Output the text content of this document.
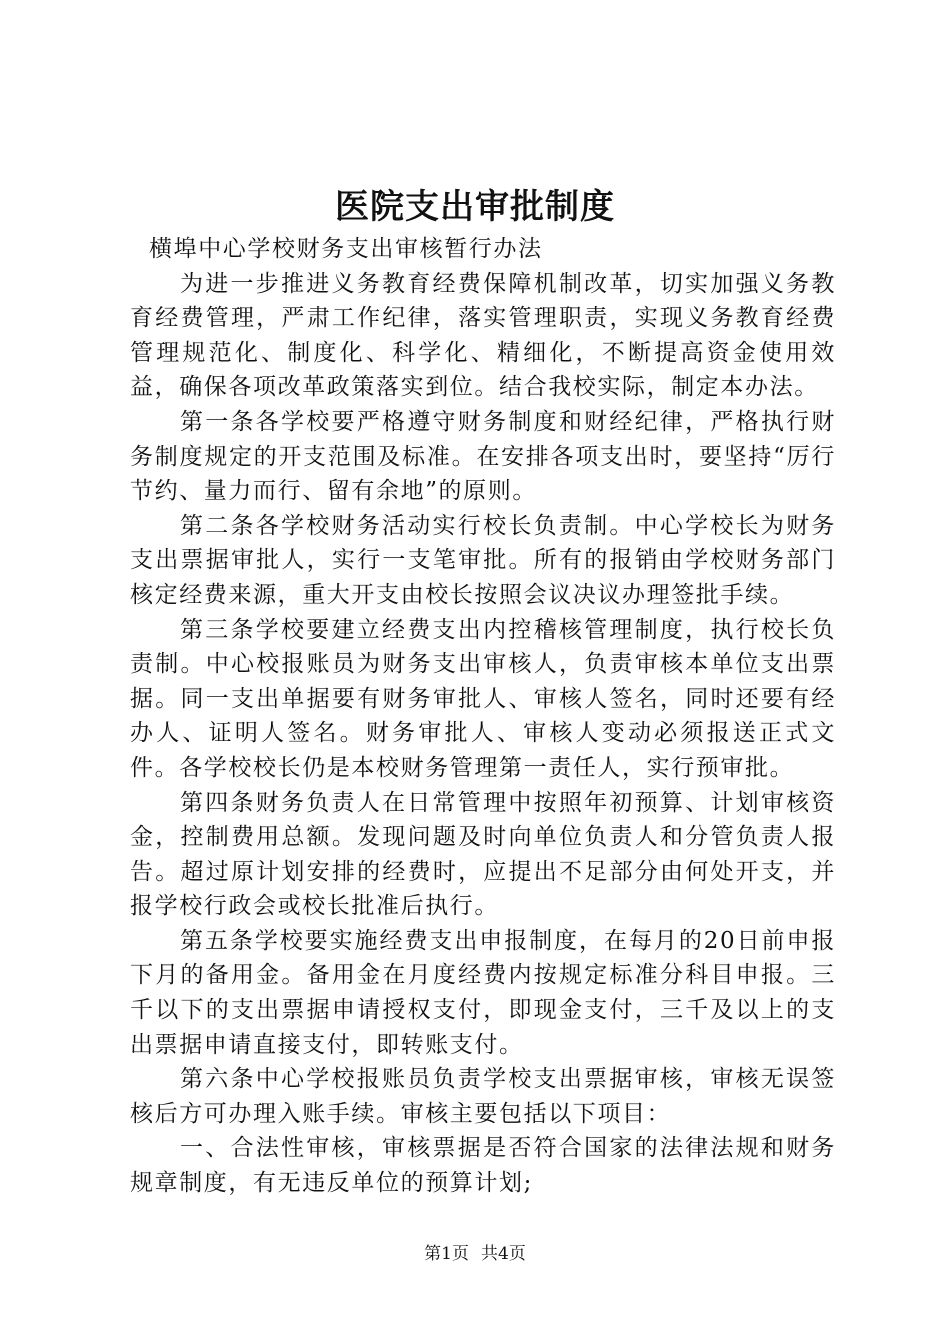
医院支出审批制度

横埠中心学校财务支出审核暂行办法

为进一步推进义务教育经费保障机制改革，切实加强义务教育经费管理，严肃工作纪律，落实管理职责，实现义务教育经费管理规范化、制度化、科学化、精细化，不断提高资金使用效益，确保各项改革政策落实到位。结合我校实际，制定本办法。

第一条各学校要严格遵守财务制度和财经纪律，严格执行财务制度规定的开支范围及标准。在安排各项支出时，要坚持“厉行节约、量力而行、留有余地”的原则。

第二条各学校财务活动实行校长负责制。中心学校长为财务支出票据审批人，实行一支笔审批。所有的报销由学校财务部门核定经费来源，重大开支由校长按照会议决议办理签批手续。

第三条学校要建立经费支出内控稽核管理制度，执行校长负责制。中心校报账员为财务支出审核人，负责审核本单位支出票据。同一支出单据要有财务审批人、审核人签名，同时还要有经办人、证明人签名。财务审批人、审核人变动必须报送正式文件。各学校校长仍是本校财务管理第一责任人，实行预审批。

第四条财务负责人在日常管理中按照年初预算、计划审核资金，控制费用总额。发现问题及时向单位负责人和分管负责人报告。超过原计划安排的经费时，应提出不足部分由何处开支，并报学校行政会或校长批准后执行。

第五条学校要实施经费支出申报制度，在每月的20日前申报下月的备用金。备用金在月度经费内按规定标准分科目申报。三千以下的支出票据申请授权支付，即现金支付，三千及以上的支出票据申请直接支付，即转账支付。

第六条中心学校报账员负责学校支出票据审核，审核无误签核后方可办理入账手续。审核主要包括以下项目：

一、合法性审核，审核票据是否符合国家的法律法规和财务规章制度，有无违反单位的预算计划;

第1页 共4页
